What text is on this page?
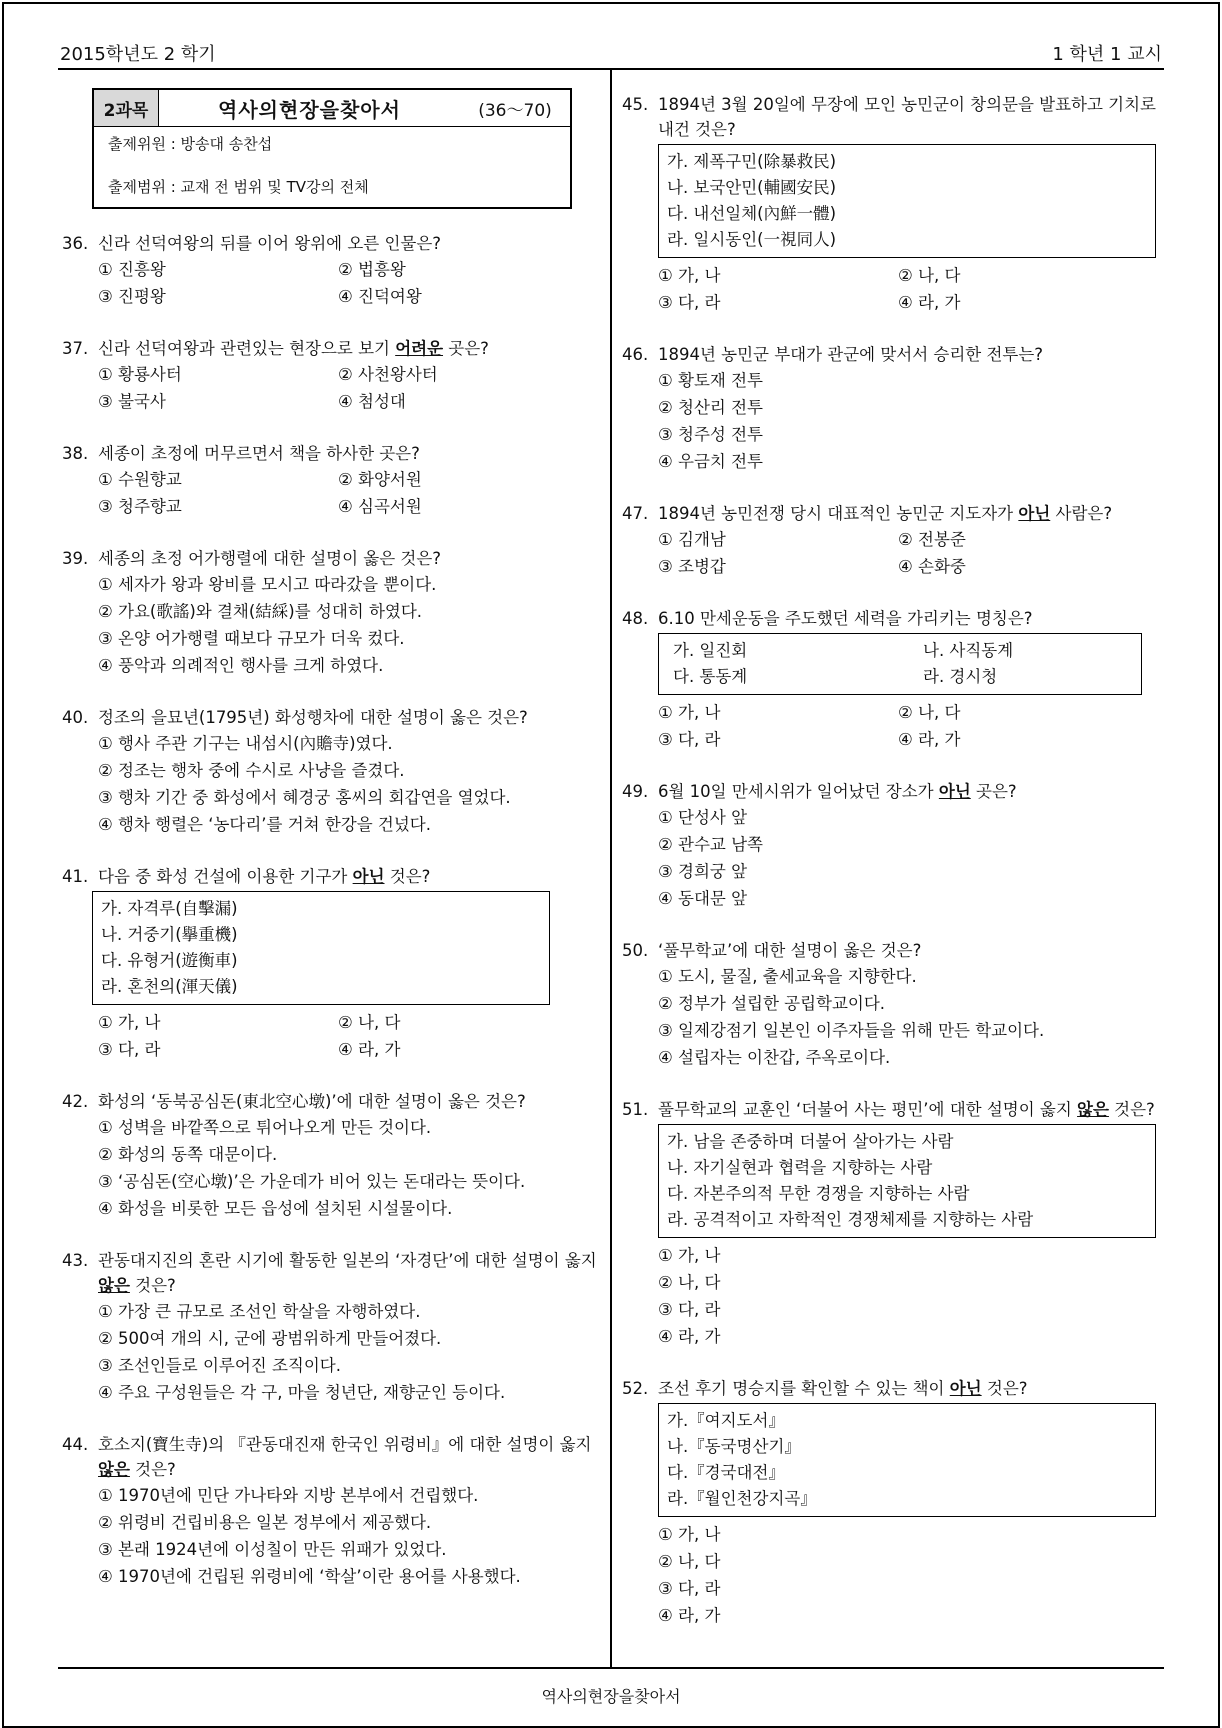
2015학년도 2 학기	1 학년 1 교시
역사의현장을찾아서
2과목	역사의현장을찾아서	(36～70)
출제위원 : 방송대 송찬섭
출제범위 : 교재 전 범위 및 TV강의 전체
36. 신라 선덕여왕의 뒤를 이어 왕위에 오른 인물은?
① 진흥왕	② 법흥왕
③ 진평왕	④ 진덕여왕
37. 신라 선덕여왕과 관련있는 현장으로 보기 어려운 곳은?
① 황룡사터	② 사천왕사터
③ 불국사	④ 첨성대
38. 세종이 초정에 머무르면서 책을 하사한 곳은?
① 수원향교	② 화양서원
③ 청주향교	④ 심곡서원
39. 세종의 초정 어가행렬에 대한 설명이 옳은 것은?
① 세자가 왕과 왕비를 모시고 따라갔을 뿐이다.
② 가요(歌謠)와 결채(結綵)를 성대히 하였다.
③ 온양 어가행렬 때보다 규모가 더욱 컸다.
④ 풍악과 의례적인 행사를 크게 하였다.
40. 정조의 을묘년(1795년) 화성행차에 대한 설명이 옳은 것은?
① 행사 주관 기구는 내섬시(內贍寺)였다.
② 정조는 행차 중에 수시로 사냥을 즐겼다.
③ 행차 기간 중 화성에서 혜경궁 홍씨의 회갑연을 열었다.
④ 행차 행렬은 ‘농다리’를 거쳐 한강을 건넜다.
41. 다음 중 화성 건설에 이용한 기구가 아닌 것은?
가. 자격루(自擊漏)
나. 거중기(擧重機)
다. 유형거(遊衡車)
라. 혼천의(渾天儀)
① 가, 나	② 나, 다
③ 다, 라	④ 라, 가
42. 화성의 ‘동북공심돈(東北空心墩)’에 대한 설명이 옳은 것은?
① 성벽을 바깥쪽으로 튀어나오게 만든 것이다.
② 화성의 동쪽 대문이다.
③ ‘공심돈(空心墩)’은 가운데가 비어 있는 돈대라는 뜻이다.
④ 화성을 비롯한 모든 읍성에 설치된 시설물이다.
43. 관동대지진의 혼란 시기에 활동한 일본의 ‘자경단’에 대한 설명이 옳지 않은 것은?
① 가장 큰 규모로 조선인 학살을 자행하였다.
② 500여 개의 시, 군에 광범위하게 만들어졌다.
③ 조선인들로 이루어진 조직이다.
④ 주요 구성원들은 각 구, 마을 청년단, 재향군인 등이다.
44. 호소지(寶生寺)의 『관동대진재 한국인 위령비』에 대한 설명이 옳지 않은 것은?
① 1970년에 민단 가나타와 지방 본부에서 건립했다.
② 위령비 건립비용은 일본 정부에서 제공했다.
③ 본래 1924년에 이성칠이 만든 위패가 있었다.
④ 1970년에 건립된 위령비에 ‘학살’이란 용어를 사용했다.
45. 1894년 3월 20일에 무장에 모인 농민군이 창의문을 발표하고 기치로 내건 것은?
가. 제폭구민(除暴救民)
나. 보국안민(輔國安民)
다. 내선일체(內鮮一體)
라. 일시동인(一視同人)
① 가, 나	② 나, 다
③ 다, 라	④ 라, 가
46. 1894년 농민군 부대가 관군에 맞서서 승리한 전투는?
① 황토재 전투
② 청산리 전투
③ 청주성 전투
④ 우금치 전투
47. 1894년 농민전쟁 당시 대표적인 농민군 지도자가 아닌 사람은?
① 김개남	② 전봉준
③ 조병갑	④ 손화중
48. 6.10 만세운동을 주도했던 세력을 가리키는 명칭은?
가. 일진회	나. 사직동계
다. 통동계	라. 경시청
① 가, 나	② 나, 다
③ 다, 라	④ 라, 가
49. 6월 10일 만세시위가 일어났던 장소가 아닌 곳은?
① 단성사 앞
② 관수교 남쪽
③ 경희궁 앞
④ 동대문 앞
50. ‘풀무학교’에 대한 설명이 옳은 것은?
① 도시, 물질, 출세교육을 지향한다.
② 정부가 설립한 공립학교이다.
③ 일제강점기 일본인 이주자들을 위해 만든 학교이다.
④ 설립자는 이찬갑, 주옥로이다.
51. 풀무학교의 교훈인 ‘더불어 사는 평민’에 대한 설명이 옳지 않은 것은?
가. 남을 존중하며 더불어 살아가는 사람
나. 자기실현과 협력을 지향하는 사람
다. 자본주의적 무한 경쟁을 지향하는 사람
라. 공격적이고 자학적인 경쟁체제를 지향하는 사람
① 가, 나
② 나, 다
③ 다, 라
④ 라, 가
52. 조선 후기 명승지를 확인할 수 있는 책이 아닌 것은?
가.『여지도서』
나.『동국명산기』
다.『경국대전』
라.『월인천강지곡』
① 가, 나
② 나, 다
③ 다, 라
④ 라, 가
